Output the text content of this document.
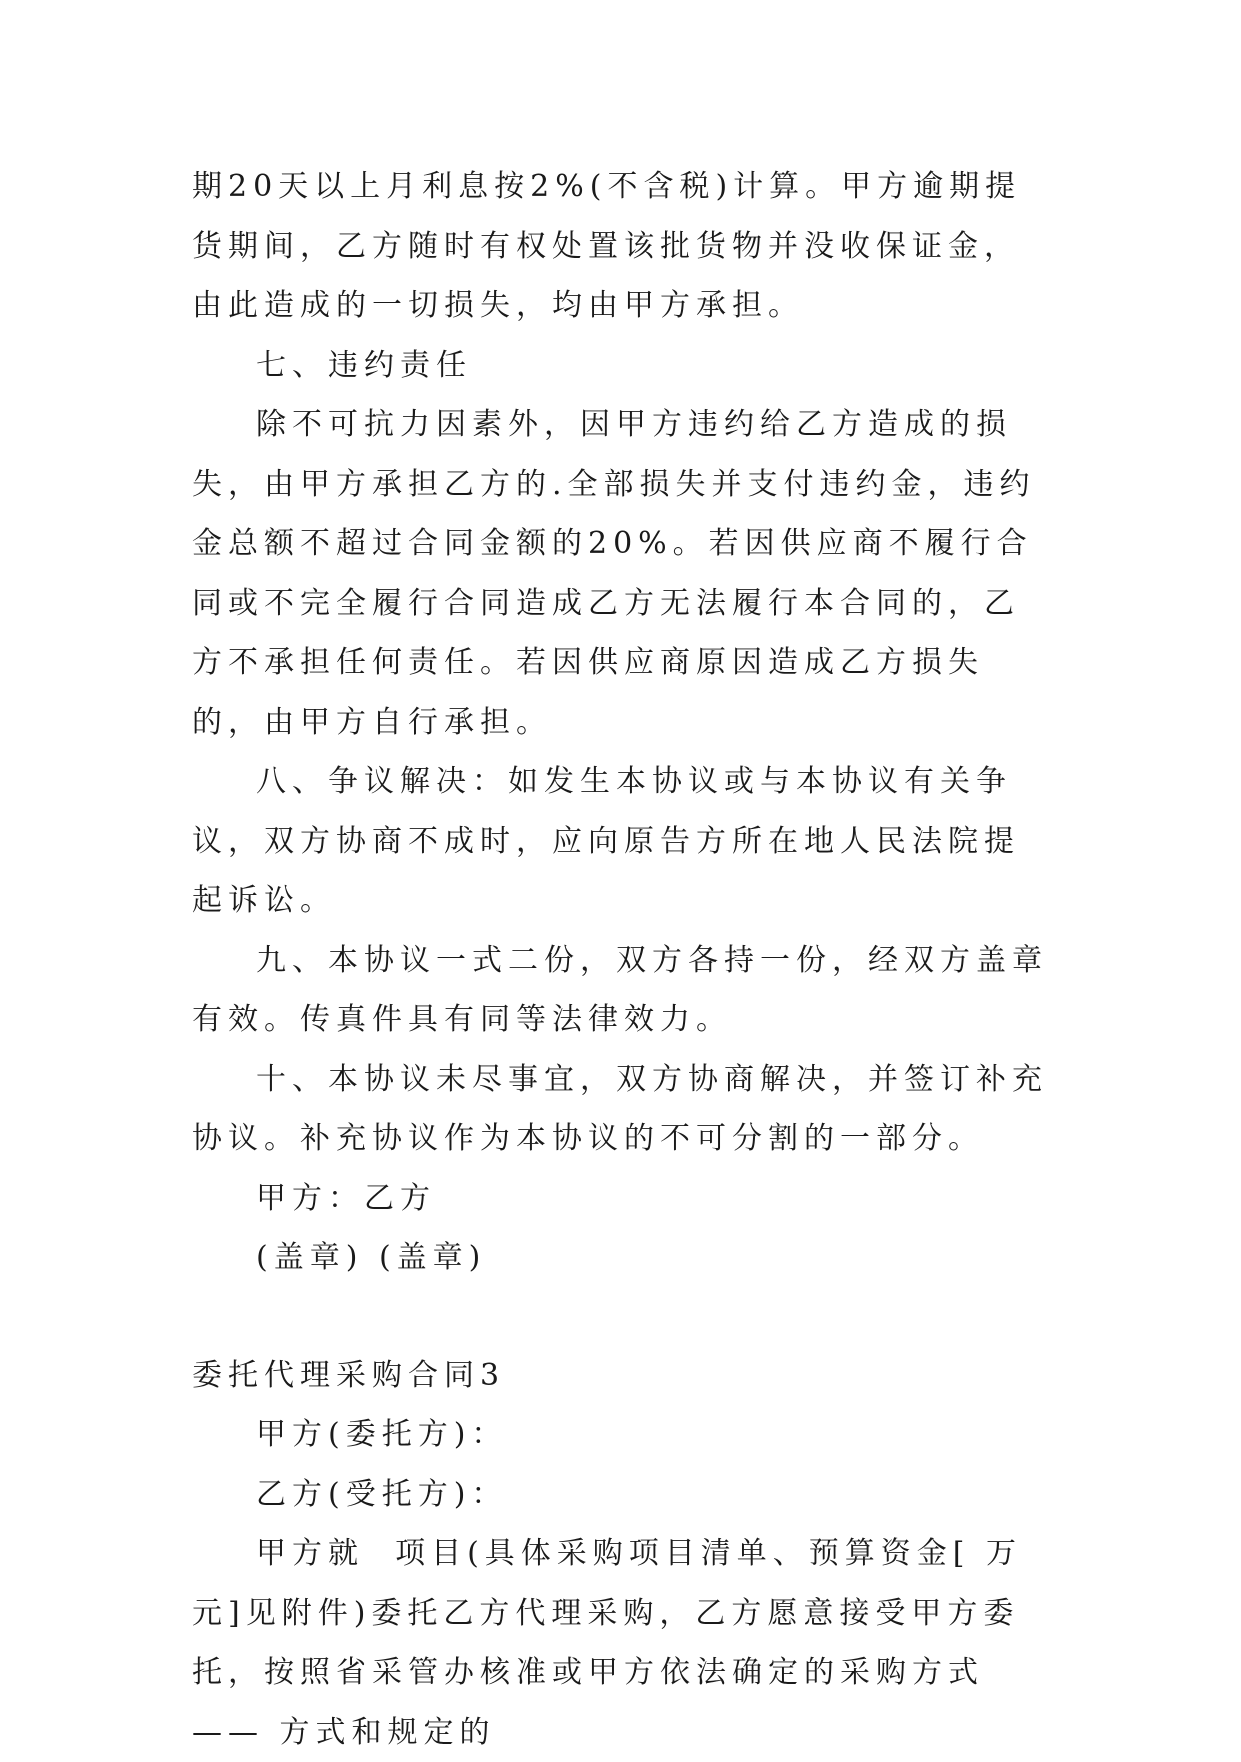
期20天以上月利息按2%(不含税)计算。甲方逾期提货期间，乙方随时有权处置该批货物并没收保证金，由此造成的一切损失，均由甲方承担。

七、违约责任

除不可抗力因素外，因甲方违约给乙方造成的损失，由甲方承担乙方的.全部损失并支付违约金，违约金总额不超过合同金额的20%。若因供应商不履行合同或不完全履行合同造成乙方无法履行本合同的，乙方不承担任何责任。若因供应商原因造成乙方损失的，由甲方自行承担。

八、争议解决：如发生本协议或与本协议有关争议，双方协商不成时，应向原告方所在地人民法院提起诉讼。

九、本协议一式二份，双方各持一份，经双方盖章有效。传真件具有同等法律效力。

十、本协议未尽事宜，双方协商解决，并签订补充协议。补充协议作为本协议的不可分割的一部分。

甲方：乙方

(盖章) (盖章)

委托代理采购合同3

甲方(委托方)：

乙方(受托方)：

甲方就  项目(具体采购项目清单、预算资金[ 万元]见附件)委托乙方代理采购，乙方愿意接受甲方委托，按照省采管办核准或甲方依法确定的采购方式—— 方式和规定的
